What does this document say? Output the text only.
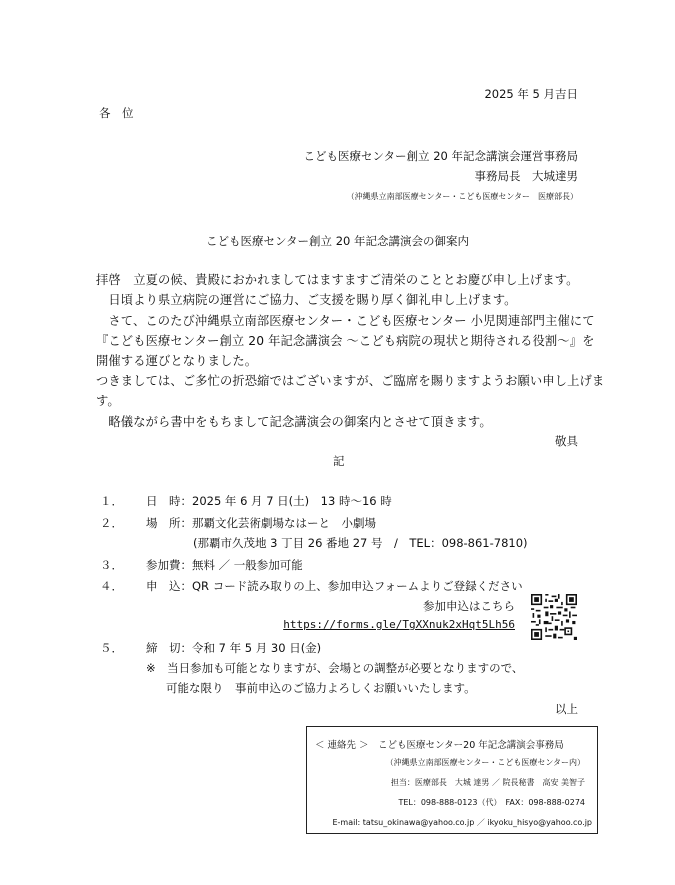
2025 年 5 月吉日
各　位
こども医療センター創立 20 年記念講演会運営事務局
事務局長　大城達男
（沖縄県立南部医療センター・こども医療センター　医療部長）
こども医療センター創立 20 年記念講演会の御案内
拝啓　立夏の候、貴殿におかれましてはますますご清栄のこととお慶び申し上げます。
　日頃より県立病院の運営にご協力、ご支援を賜り厚く御礼申し上げます。
　さて、このたび沖縄県立南部医療センター・こども医療センター 小児関連部門主催にて
『こども医療センター創立 20 年記念講演会 ～こども病院の現状と期待される役割～』を
開催する運びとなりました。
つきましては、ご多忙の折恐縮ではございますが、ご臨席を賜りますようお願い申し上げま
す。
　略儀ながら書中をもちまして記念講演会の御案内とさせて頂きます。
敬具
記
１．	日　時：2025 年 6 月 7 日(土)　13 時～16 時
２．	場　所：那覇文化芸術劇場なはーと　小劇場
(那覇市久茂地 3 丁目 26 番地 27 号　/　TEL：098-861-7810)
３．	参加費：無料 ／ 一般参加可能
４．	申　込：QR コード読み取りの上、参加申込フォームよりご登録ください
参加申込はこちら
https://forms.gle/TgXXnuk2xHqt5Lh56
５．	締　切：令和 7 年 5 月 30 日(金)
※　当日参加も可能となりますが、会場との調整が必要となりますので、
可能な限り　事前申込のご協力よろしくお願いいたします。
以上
＜ 連絡先 ＞　こども医療センター20 年記念講演会事務局
（沖縄県立南部医療センター・こども医療センター内）
担当：医療部長　大城 達男 ／ 院長秘書　高安 美智子
TEL：098-888-0123（代）　FAX：098-888-0274
E-mail: tatsu_okinawa@yahoo.co.jp ／ ikyoku_hisyo@yahoo.co.jp
